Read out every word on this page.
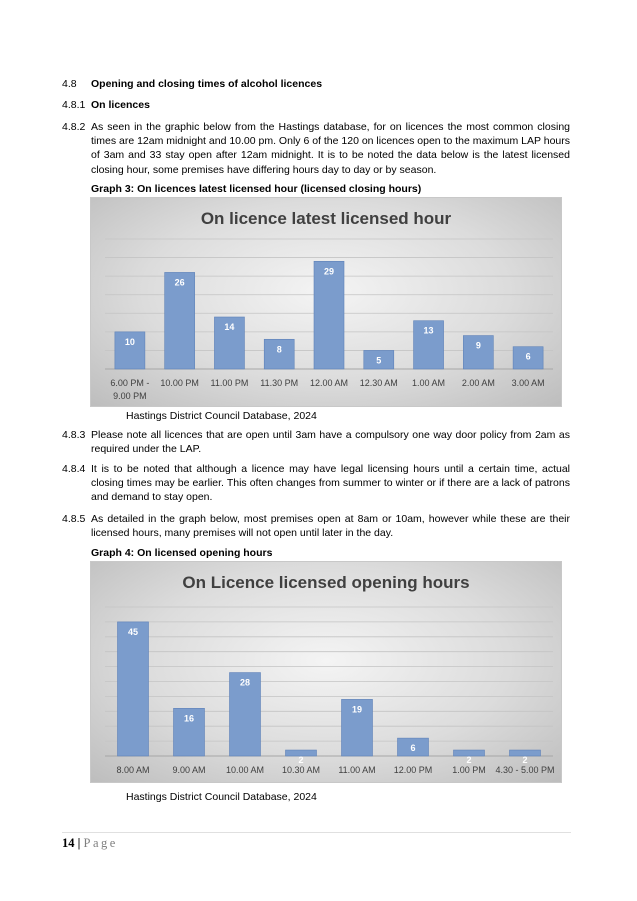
4.8 Opening and closing times of alcohol licences
4.8.1 On licences
4.8.2 As seen in the graphic below from the Hastings database, for on licences the most common closing times are 12am midnight and 10.00 pm. Only 6 of the 120 on licences open to the maximum LAP hours of 3am and 33 stay open after 12am midnight. It is to be noted the data below is the latest licensed closing hour, some premises have differing hours day to day or by season.
Graph 3: On licences latest licensed hour (licensed closing hours)
On licence latest licensed hour
10
6.00 PM -9.00 PM
26
10.00 PM
14
11.00 PM
8
11.30 PM
29
12.00 AM
5
12.30 AM
13
1.00 AM
9
2.00 AM
6
3.00 AM
Hastings District Council Database, 2024
4.8.3 Please note all licences that are open until 3am have a compulsory one way door policy from 2am as required under the LAP.
4.8.4 It is to be noted that although a licence may have legal licensing hours until a certain time, actual closing times may be earlier. This often changes from summer to winter or if there are a lack of patrons and demand to stay open.
4.8.5 As detailed in the graph below, most premises open at 8am or 10am, however while these are their licensed hours, many premises will not open until later in the day.
Graph 4: On licensed opening hours
On Licence licensed opening hours
45
8.00 AM
16
9.00 AM
28
10.00 AM
2
10.30 AM
19
11.00 AM
6
12.00 PM
2
1.00 PM
2
4.30 - 5.00 PM
Hastings District Council Database, 2024
14 | Page
